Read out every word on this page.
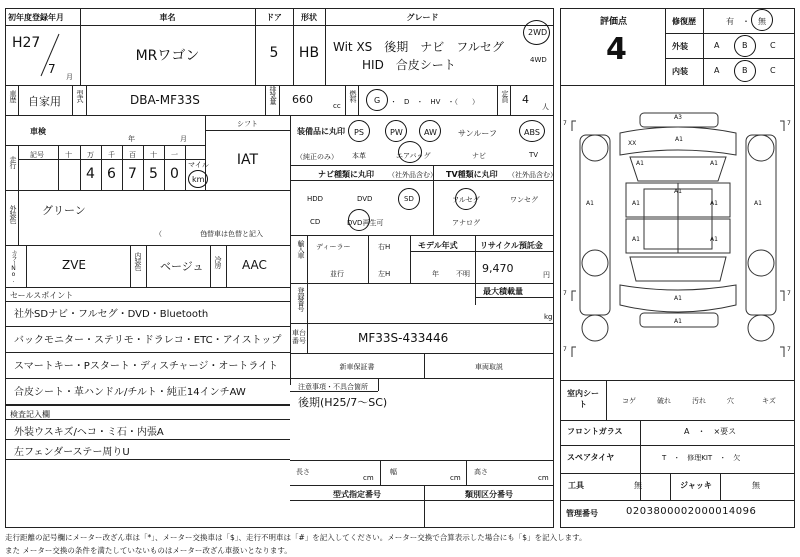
初年度登録年月
H27
7
月
車名
MRワゴン
ドア
5
形状
HB
グレード
Wit XS　後期　ナビ　フルセグ
HID　合皮シート
2WD
4WD
車歴 自家用 型式	DBA-MF33S	排気量 660	cc
燃料 G ・　D　・　HV　・（　　）	定員 4
人
車検
年	月
シフト
IAT
走行
記号	十	万
4
千
6
百
7
十
5
一
0
マイル
km
外装色 グリーン
（　　　　　　）
色替車は色替と記入
カラーNo.	ZVE	内装色 ベージュ 冷房 AAC
セールスポイント
社外SDナビ・フルセグ・DVD・Bluetooth
バックモニター・ステリモ・ドラレコ・ETC・アイストップ
スマートキー・Pスタート・ディスチャージ・オートライト
合皮シート・革ハンドル/チルト・純正14インチAW
検査記入欄
外装ウスキズ/ヘコ・ミ石・内張A
左フェンダーステー周りU
装備品に丸印
（純正のみ）
PS	PW	AW	サンルーフ	ABS
本革	エアバッグ	ナビ	TV
ナビ種類に丸印 （社外品含む）
HDD	DVD	SD
CD	DVD再生可
TV種類に丸印 （社外品含む）
フルセグ	ワンセグ
アナログ
輸入車 ディーラー
並行
右H
左H
モデル年式
年 不明
リサイクル預託金
9,470	円
登録番号	最大積載量
kg
車台番号	MF33S-433446
新車保証書	車両取説
注意事項・不具合箇所
後期(H25/7〜SC)
長さ
cm
幅
cm
高さ
cm
型式指定番号	類別区分番号
評価点
4
修復歴	有 ・ 無
外装	A	B	C
内装	A	B	C
A3
A1
XX
A1	A1
A1	A1
A1
A1	A1
A1
A1	A1
A1
7	7
7	7
7	7
室内シート	コゲ	破れ	汚れ	穴	キズ
フロントガラス	A　・　×要ス
スペアタイヤ	T　・　修理KIT　・　欠
工具	無	ジャッキ	無
管理番号	0203800002000014096
走行距離の記号欄にメーター改ざん車は「*」、メーター交換車は「$」、走行不明車は「#」を記入してください。メーター交換で合算表示した場合にも「$」を記入します。
また メーター交換の条件を満たしていないものはメーター改ざん車扱いとなります。
